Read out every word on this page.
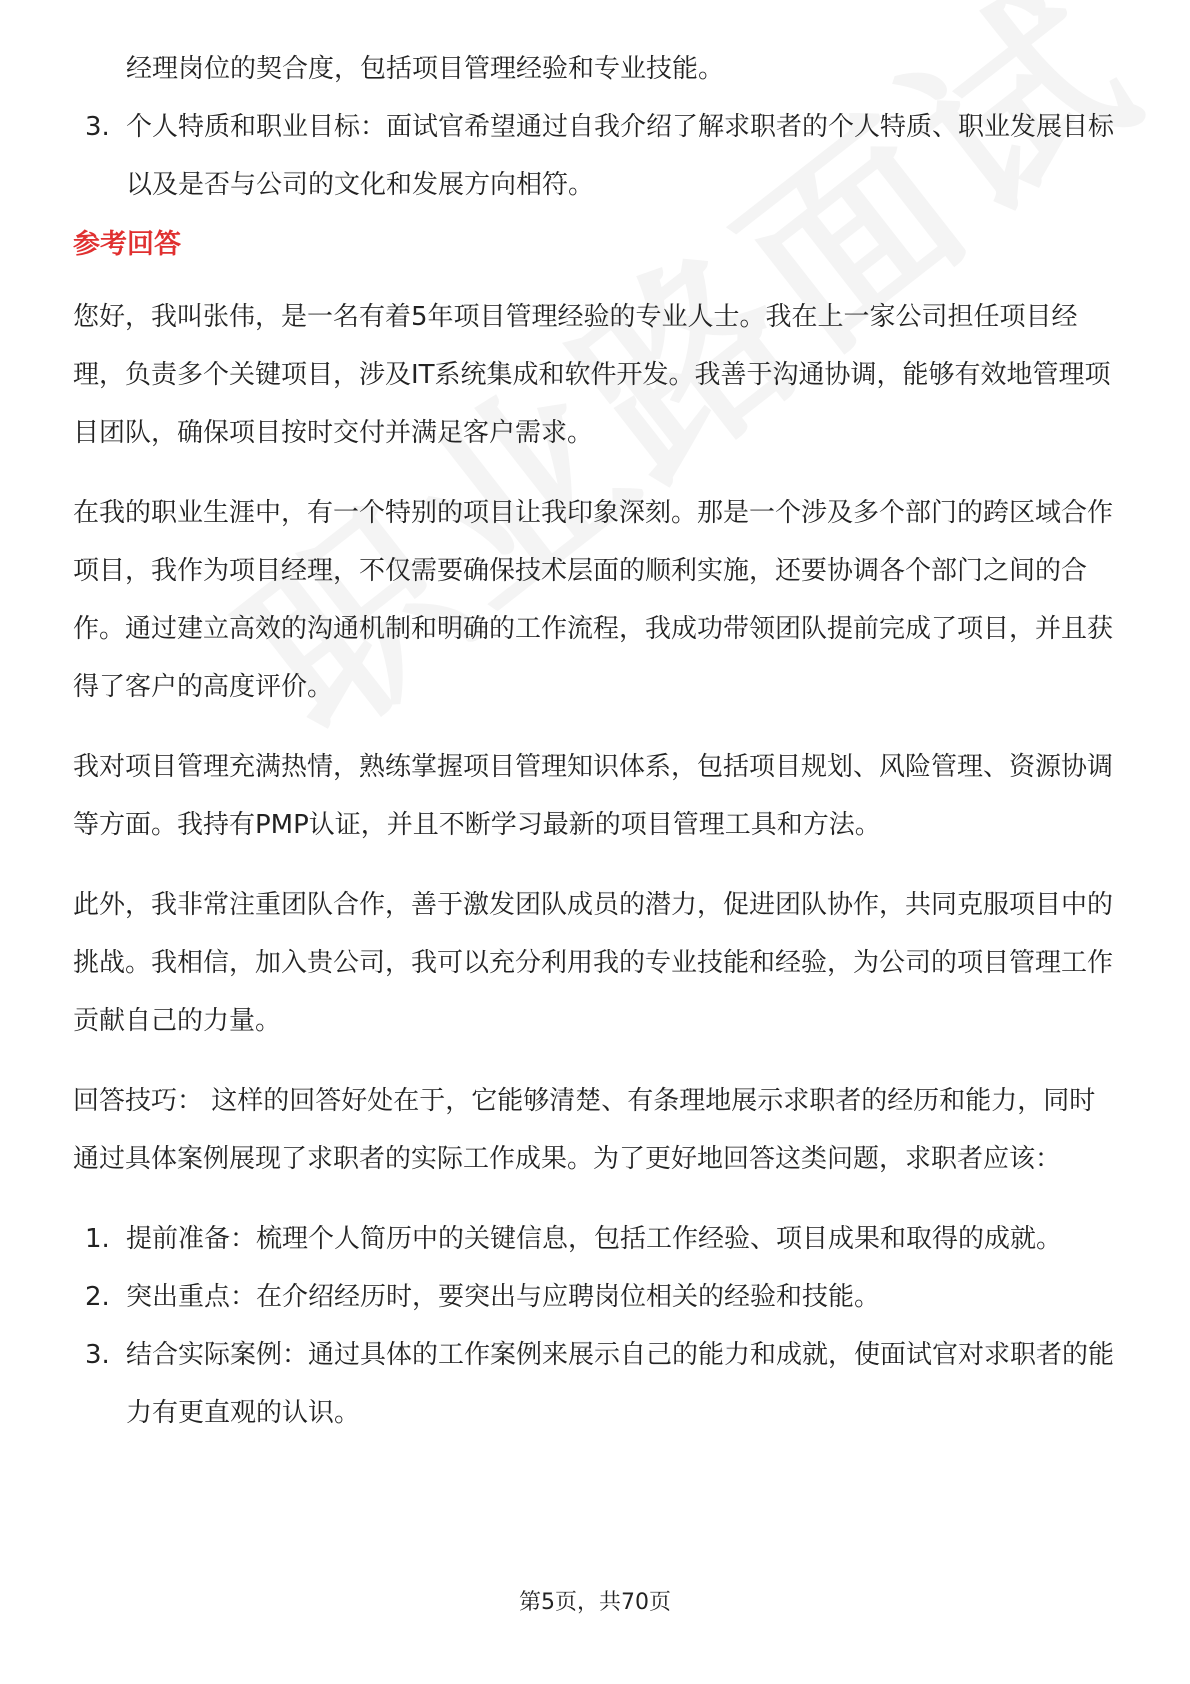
经理岗位的契合度，包括项目管理经验和专业技能。

3. 个人特质和职业目标：面试官希望通过自我介绍了解求职者的个人特质、职业发展目标以及是否与公司的文化和发展方向相符。

参考回答

您好，我叫张伟，是一名有着5年项目管理经验的专业人士。我在上一家公司担任项目经理，负责多个关键项目，涉及IT系统集成和软件开发。我善于沟通协调，能够有效地管理项目团队，确保项目按时交付并满足客户需求。

在我的职业生涯中，有一个特别的项目让我印象深刻。那是一个涉及多个部门的跨区域合作项目，我作为项目经理，不仅需要确保技术层面的顺利实施，还要协调各个部门之间的合作。通过建立高效的沟通机制和明确的工作流程，我成功带领团队提前完成了项目，并且获得了客户的高度评价。

我对项目管理充满热情，熟练掌握项目管理知识体系，包括项目规划、风险管理、资源协调等方面。我持有PMP认证，并且不断学习最新的项目管理工具和方法。

此外，我非常注重团队合作，善于激发团队成员的潜力，促进团队协作，共同克服项目中的挑战。我相信，加入贵公司，我可以充分利用我的专业技能和经验，为公司的项目管理工作贡献自己的力量。

回答技巧： 这样的回答好处在于，它能够清楚、有条理地展示求职者的经历和能力，同时通过具体案例展现了求职者的实际工作成果。为了更好地回答这类问题，求职者应该：

1. 提前准备：梳理个人简历中的关键信息，包括工作经验、项目成果和取得的成就。
2. 突出重点：在介绍经历时，要突出与应聘岗位相关的经验和技能。
3. 结合实际案例：通过具体的工作案例来展示自己的能力和成就，使面试官对求职者的能力有更直观的认识。
第5页，共70页
